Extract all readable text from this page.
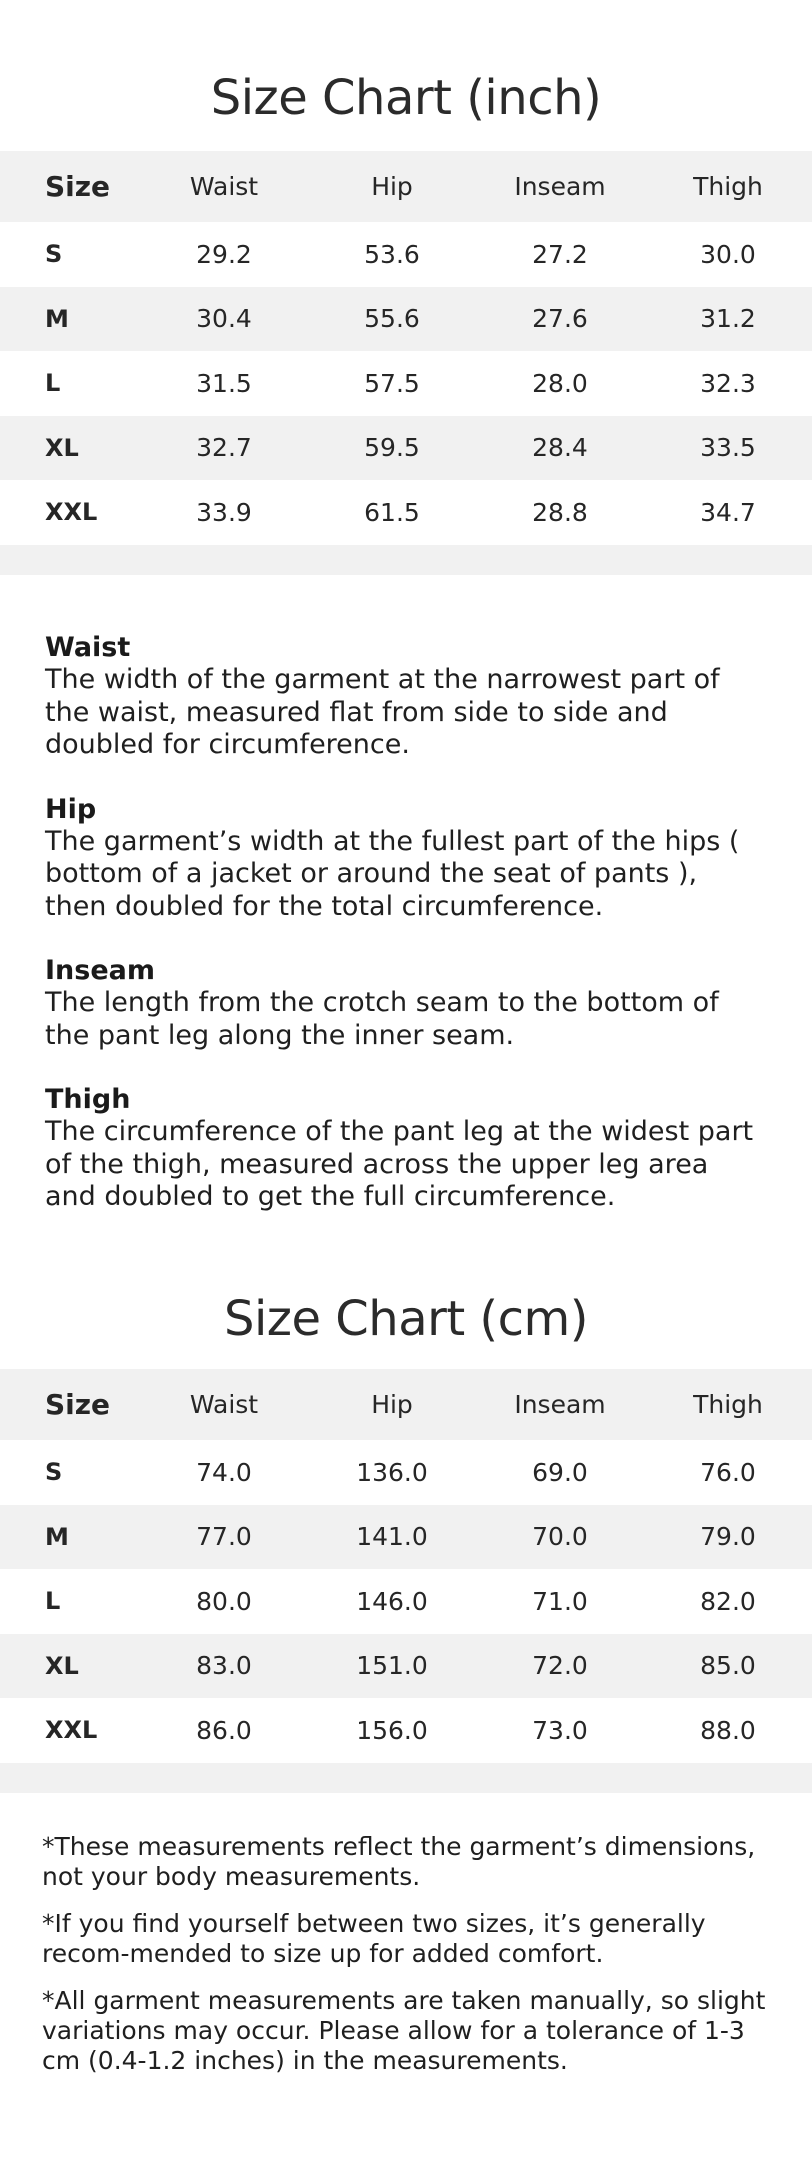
Size Chart (inch)
Size	Waist	Hip	Inseam	Thigh
S	29.2	53.6	27.2	30.0
M	30.4	55.6	27.6	31.2
L	31.5	57.5	28.0	32.3
XL	32.7	59.5	28.4	33.5
XXL	33.9	61.5	28.8	34.7

Waist
The width of the garment at the narrowest part of the waist, measured flat from side to side and doubled for circumference.
Hip
The garment’s width at the fullest part of the hips ( bottom of a jacket or around the seat of pants ), then doubled for the total circumference.
Inseam
The length from the crotch seam to the bottom of the pant leg along the inner seam.
Thigh
The circumference of the pant leg at the widest part of the thigh, measured across the upper leg area and doubled to get the full circumference.
Size Chart (cm)
Size	Waist	Hip	Inseam	Thigh
S	74.0	136.0	69.0	76.0
M	77.0	141.0	70.0	79.0
L	80.0	146.0	71.0	82.0
XL	83.0	151.0	72.0	85.0
XXL	86.0	156.0	73.0	88.0

*These measurements reflect the garment’s dimensions, not your body measurements.
*If you find yourself between two sizes, it’s generally recom-mended to size up for added comfort.
*All garment measurements are taken manually, so slight variations may occur. Please allow for a tolerance of 1-3 cm (0.4-1.2 inches) in the measurements.
